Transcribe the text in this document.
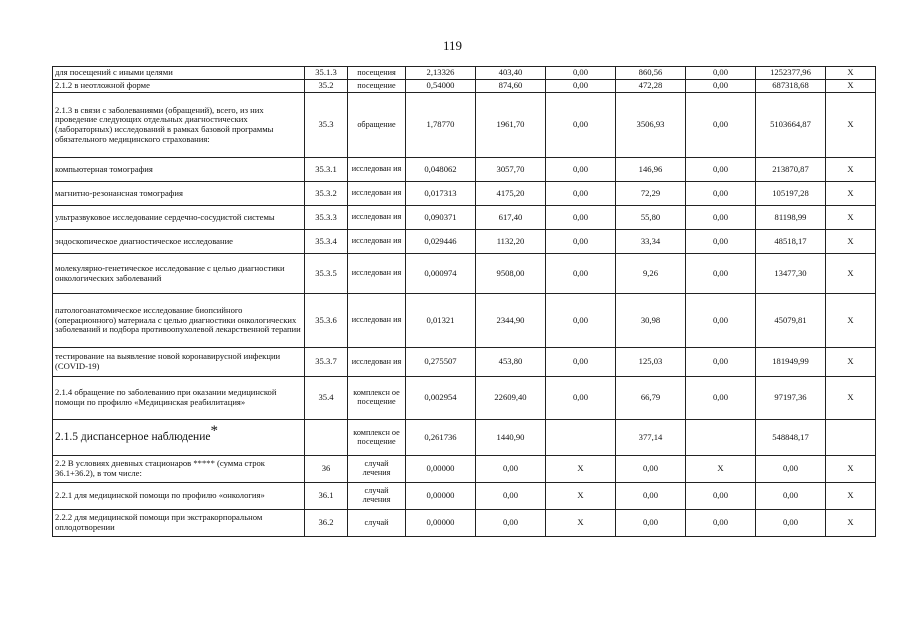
119
для посещений с иными целями	35.1.3	посещения	2,13326	403,40	0,00	860,56	0,00	1252377,96	Х
2.1.2 в неотложной форме	35.2	посещение	0,54000	874,60	0,00	472,28	0,00	687318,68	Х
2.1.3 в связи с заболеваниями (обращений), всего, из них проведение следующих отдельных диагностических (лабораторных) исследований в рамках базовой программы обязательного медицинского страхования:	35.3	обращение	1,78770	1961,70	0,00	3506,93	0,00	5103664,87	Х
компьютерная томография	35.3.1	исследован ия	0,048062	3057,70	0,00	146,96	0,00	213870,87	Х
магнитно-резонансная томография	35.3.2	исследован ия	0,017313	4175,20	0,00	72,29	0,00	105197,28	Х
ультразвуковое исследование сердечно-сосудистой системы	35.3.3	исследован ия	0,090371	617,40	0,00	55,80	0,00	81198,99	Х
эндоскопическое диагностическое исследование	35.3.4	исследован ия	0,029446	1132,20	0,00	33,34	0,00	48518,17	Х
молекулярно-генетическое исследование с целью диагностики онкологических заболеваний	35.3.5	исследован ия	0,000974	9508,00	0,00	9,26	0,00	13477,30	Х
патологоанатомическое исследование биопсийного (операционного) материала с целью диагностики онкологических заболеваний и подбора противоопухолевой лекарственной терапии	35.3.6	исследован ия	0,01321	2344,90	0,00	30,98	0,00	45079,81	Х
тестирование на выявление новой коронавирусной инфекции (COVID-19)	35.3.7	исследован ия	0,275507	453,80	0,00	125,03	0,00	181949,99	Х
2.1.4 обращение по заболеванию при оказании медицинской помощи по профилю «Медицинская реабилитация»	35.4	комплексн ое посещение	0,002954	22609,40	0,00	66,79	0,00	97197,36	Х
2.1.5 диспансерное наблюдение*		комплексн ое посещение	0,261736	1440,90		377,14		548848,17	
2.2 В условиях дневных стационаров ***** (сумма строк 36.1+36.2), в том числе:	36	случай лечения	0,00000	0,00	Х	0,00	Х	0,00	Х
2.2.1 для медицинской помощи по профилю «онкология»	36.1	случай лечения	0,00000	0,00	Х	0,00	0,00	0,00	Х
2.2.2 для медицинской помощи при экстракорпоральном оплодотворении	36.2	случай	0,00000	0,00	Х	0,00	0,00	0,00	Х
